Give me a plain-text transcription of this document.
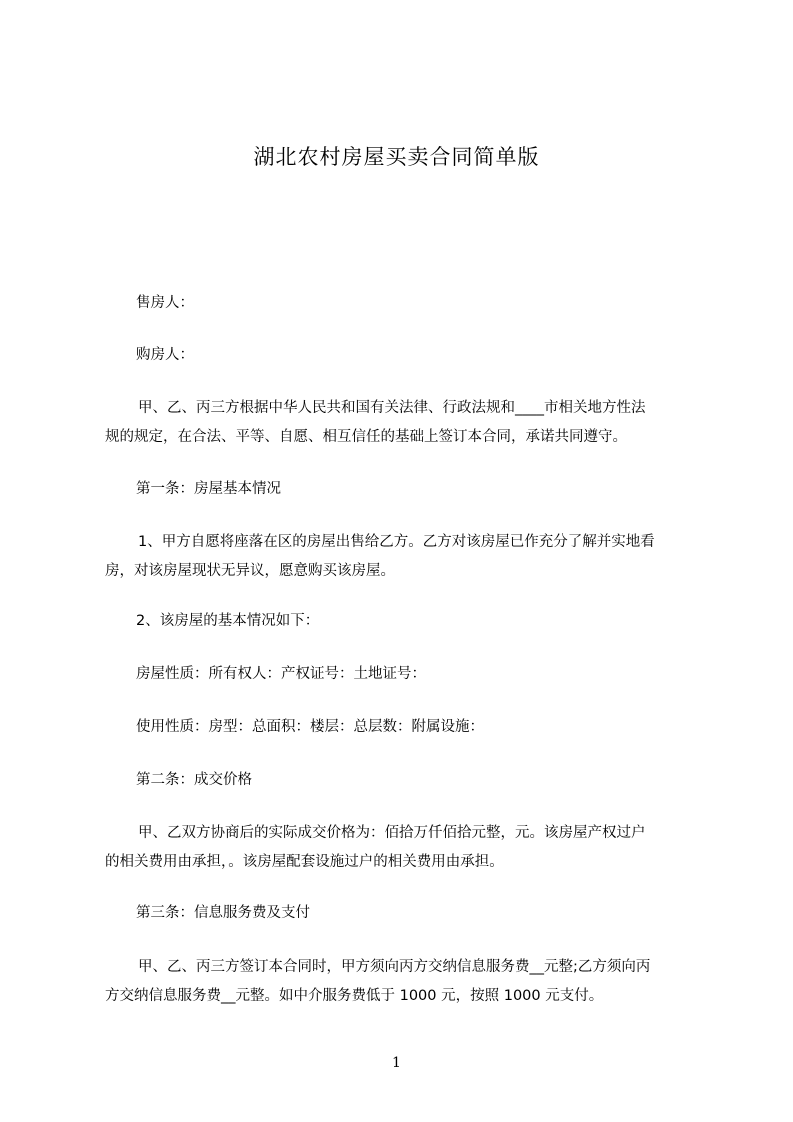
湖北农村房屋买卖合同简单版

售房人：

购房人：

甲、乙、丙三方根据中华人民共和国有关法律、行政法规和____市相关地方性法
规的规定，在合法、平等、自愿、相互信任的基础上签订本合同，承诺共同遵守。

第一条：房屋基本情况

1、甲方自愿将座落在区的房屋出售给乙方。乙方对该房屋已作充分了解并实地看
房，对该房屋现状无异议，愿意购买该房屋。

2、该房屋的基本情况如下：

房屋性质：所有权人：产权证号：土地证号：

使用性质：房型：总面积：楼层：总层数：附属设施：

第二条：成交价格

甲、乙双方协商后的实际成交价格为：佰拾万仟佰拾元整，元。该房屋产权过户
的相关费用由承担，。该房屋配套设施过户的相关费用由承担。

第三条：信息服务费及支付

甲、乙、丙三方签订本合同时，甲方须向丙方交纳信息服务费__元整;乙方须向丙
方交纳信息服务费__元整。如中介服务费低于 1000 元，按照 1000 元支付。

1
